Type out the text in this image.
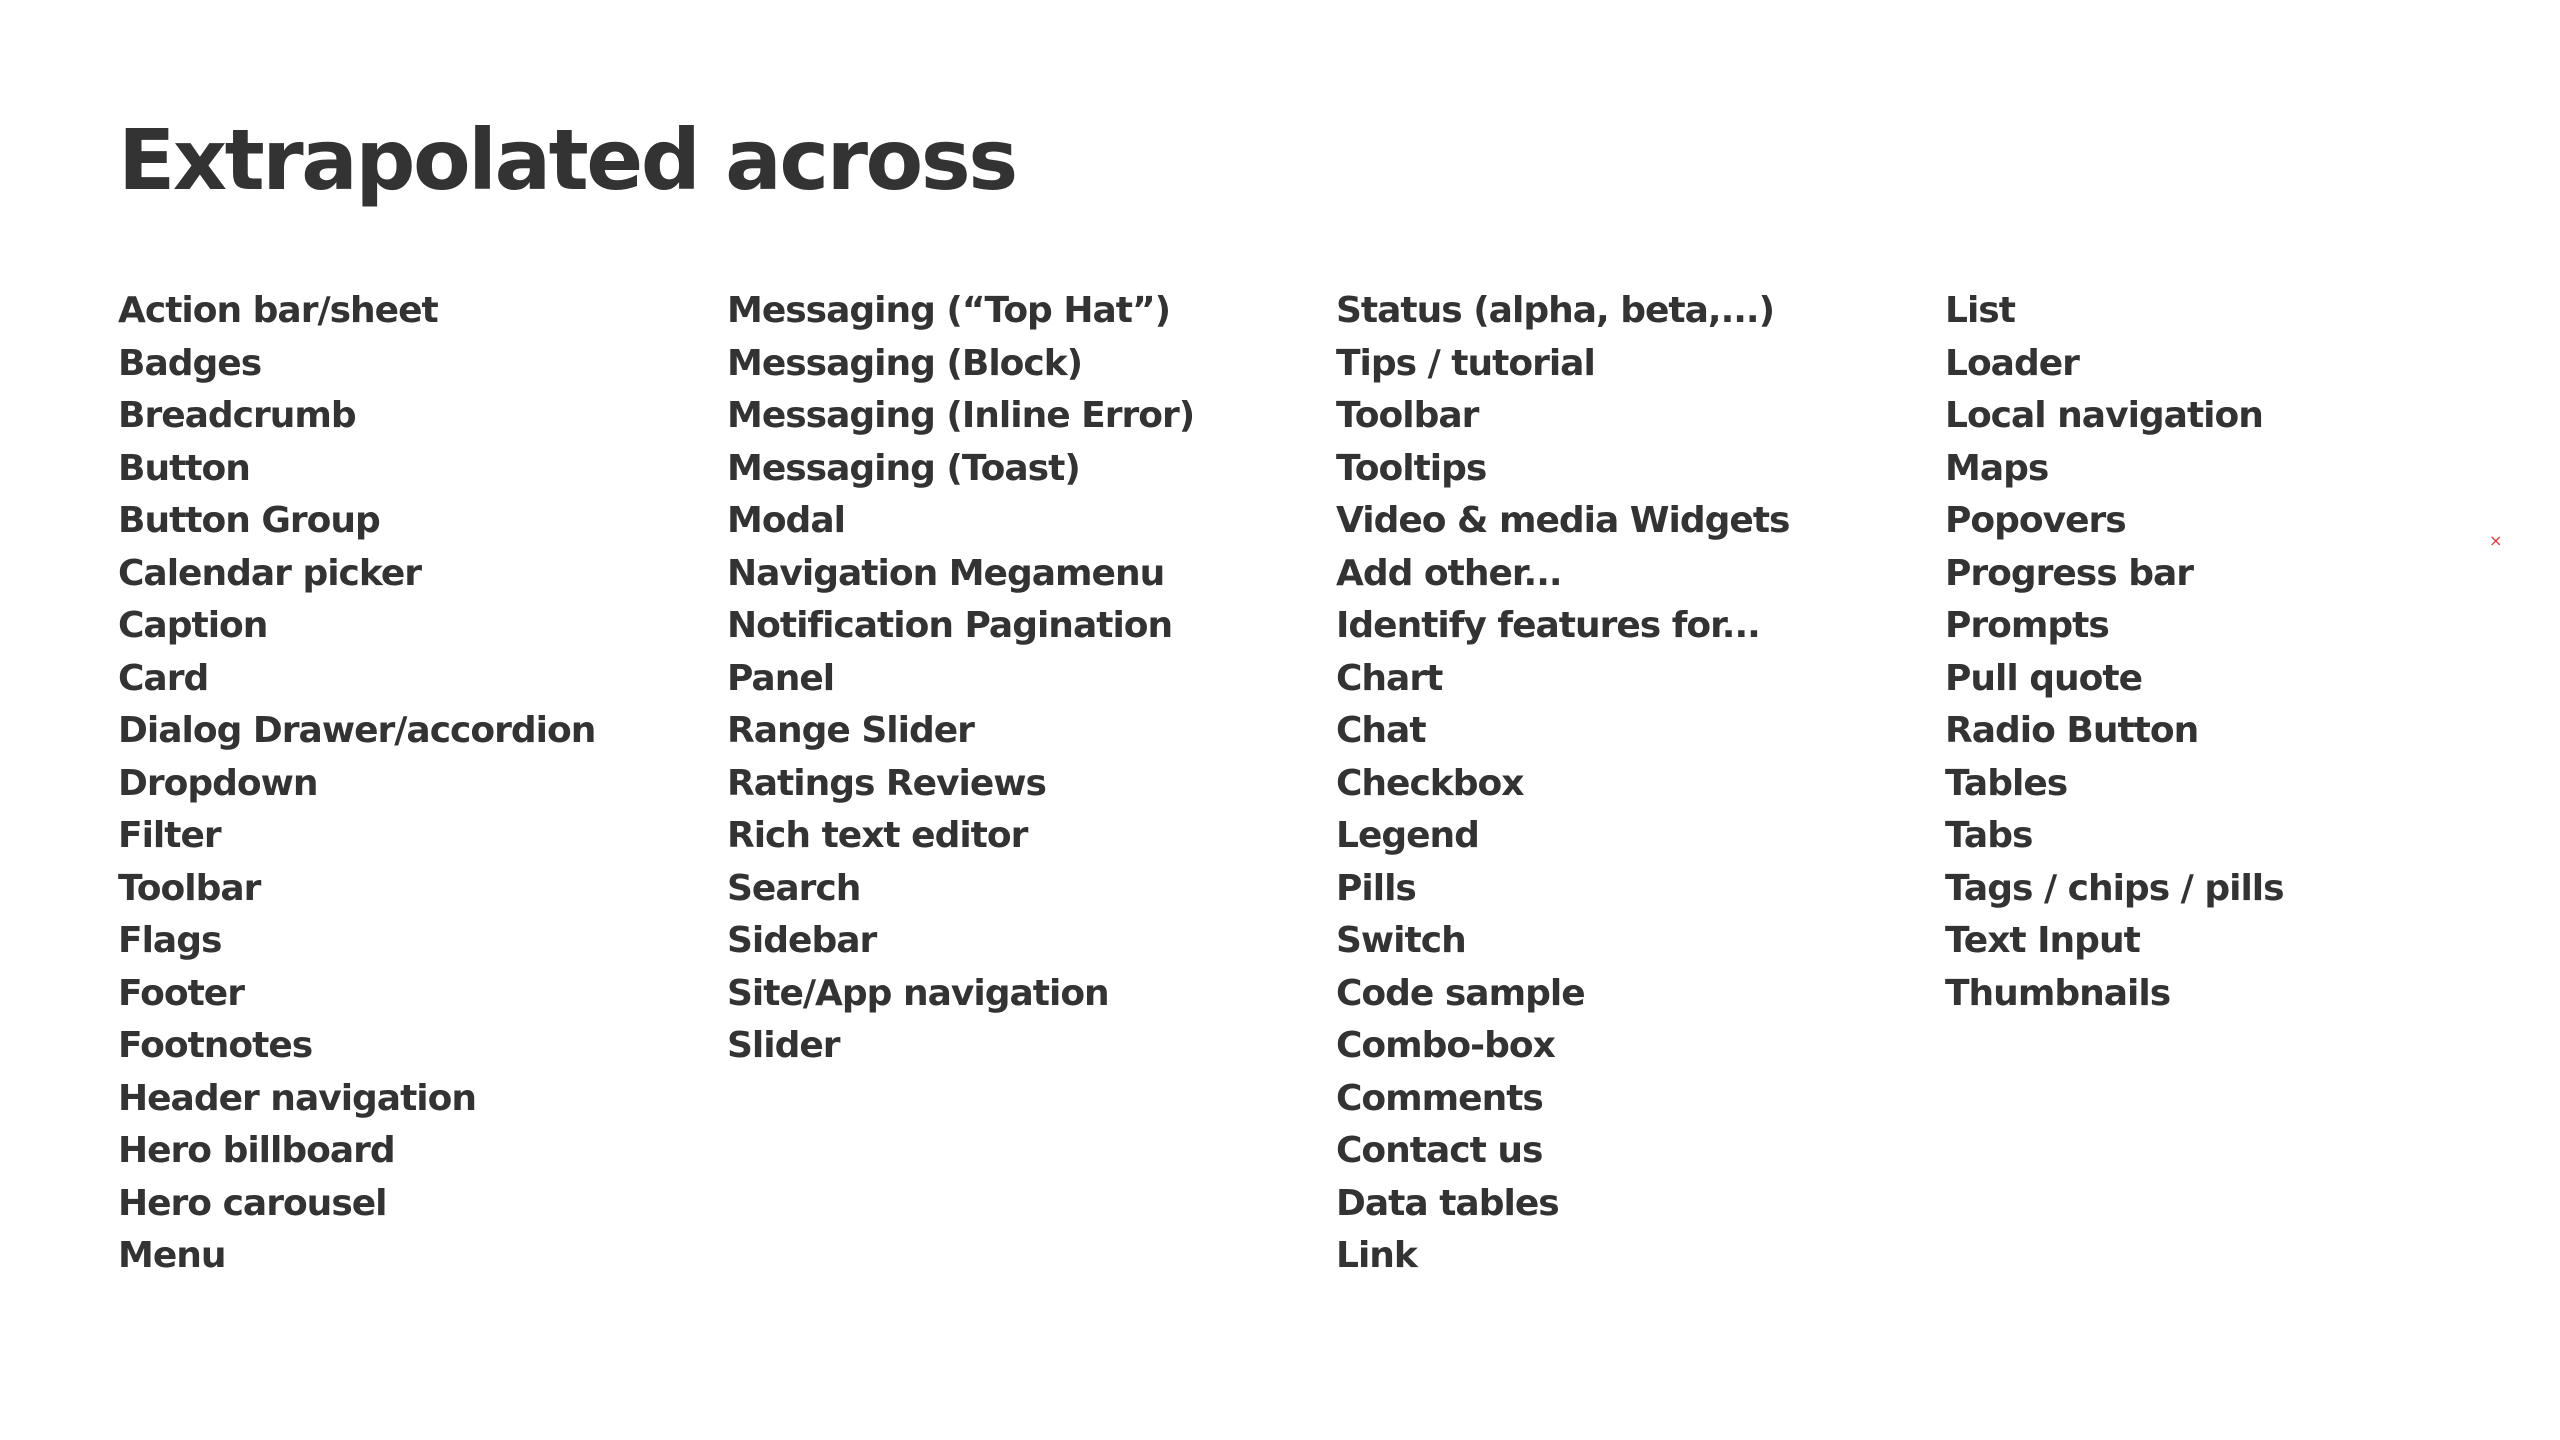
Extrapolated across
Action bar/sheet
Badges
Breadcrumb
Button
Button Group
Calendar picker
Caption
Card
Dialog Drawer/accordion
Dropdown
Filter
Toolbar
Flags
Footer
Footnotes
Header navigation
Hero billboard
Hero carousel
Menu
Messaging (“Top Hat”)
Messaging (Block)
Messaging (Inline Error)
Messaging (Toast)
Modal
Navigation Megamenu
Notification Pagination
Panel
Range Slider
Ratings Reviews
Rich text editor
Search
Sidebar
Site/App navigation
Slider
Status (alpha, beta,...)
Tips / tutorial
Toolbar
Tooltips
Video & media Widgets
Add other...
Identify features for...
Chart
Chat
Checkbox
Legend
Pills
Switch
Code sample
Combo-box
Comments
Contact us
Data tables
Link
List
Loader
Local navigation
Maps
Popovers
Progress bar
Prompts
Pull quote
Radio Button
Tables
Tabs
Tags / chips / pills
Text Input
Thumbnails
×
